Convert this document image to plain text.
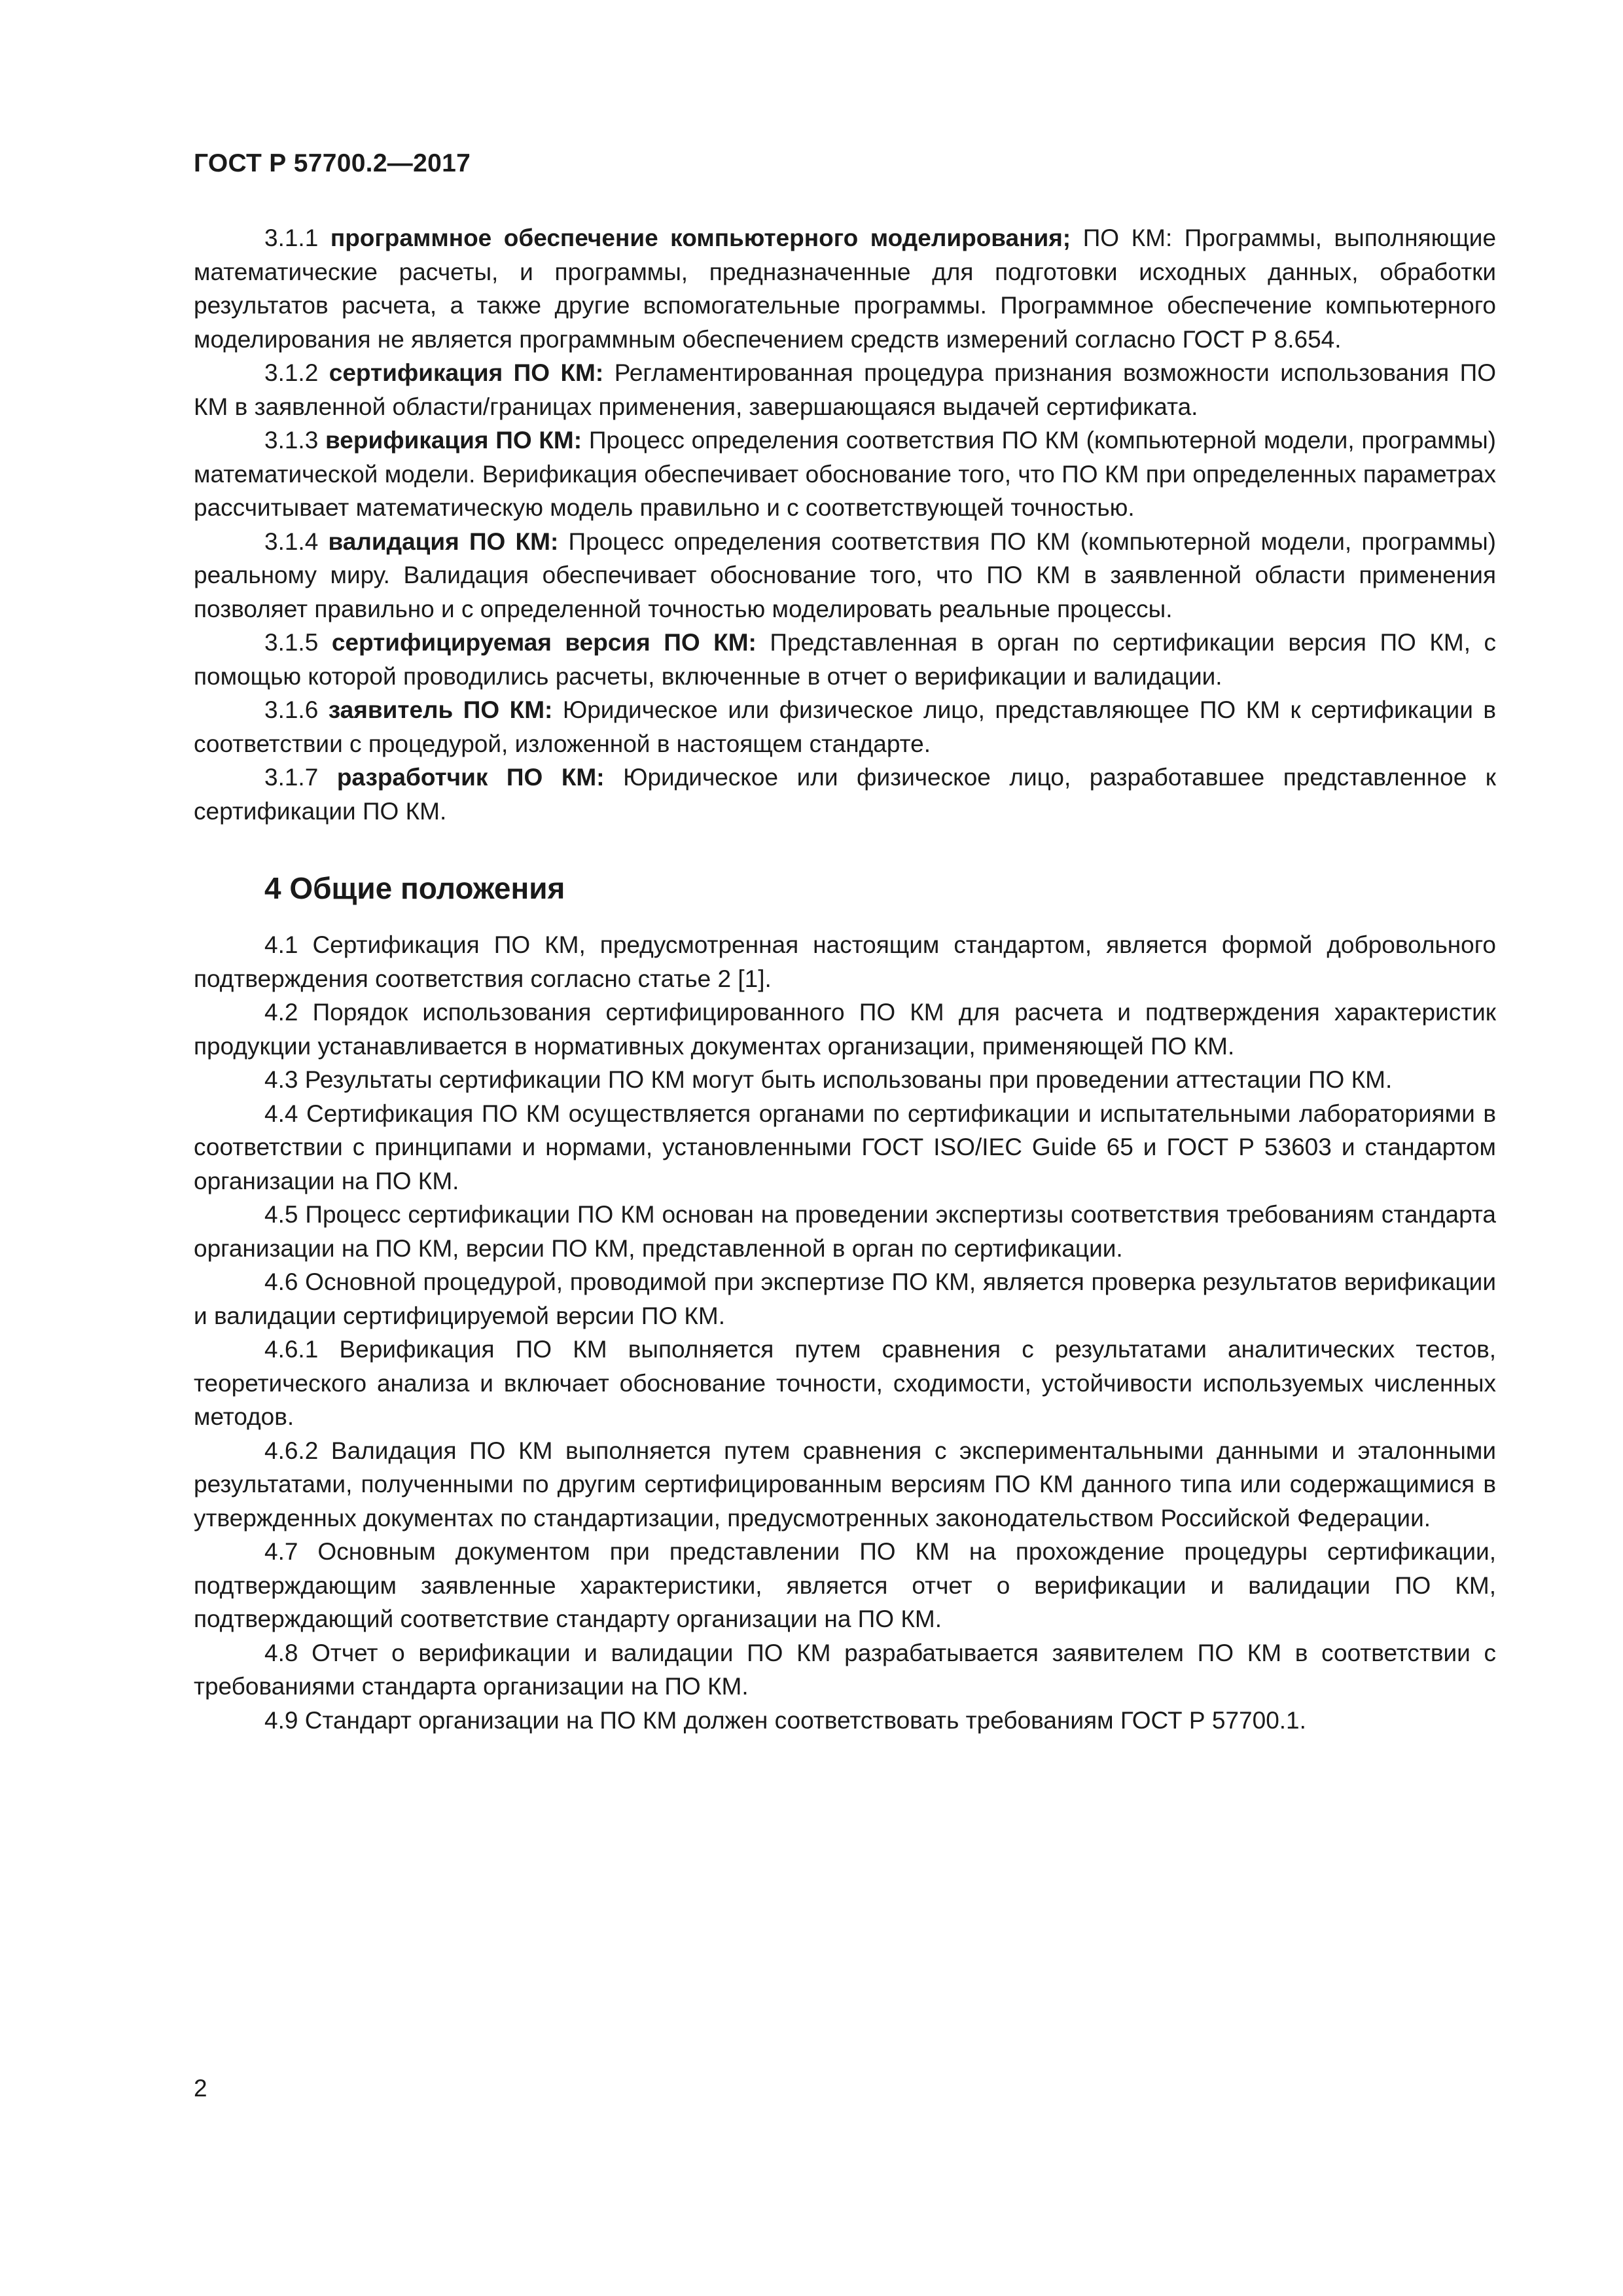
ГОСТ Р 57700.2—2017

3.1.1 программное обеспечение компьютерного моделирования; ПО КМ: Программы, выполняющие математические расчеты, и программы, предназначенные для подготовки исходных данных, обработки результатов расчета, а также другие вспомогательные программы. Программное обеспечение компьютерного моделирования не является программным обеспечением средств измерений согласно ГОСТ Р 8.654.

3.1.2 сертификация ПО КМ: Регламентированная процедура признания возможности использования ПО КМ в заявленной области/границах применения, завершающаяся выдачей сертификата.

3.1.3 верификация ПО КМ: Процесс определения соответствия ПО КМ (компьютерной модели, программы) математической модели. Верификация обеспечивает обоснование того, что ПО КМ при определенных параметрах рассчитывает математическую модель правильно и с соответствующей точностью.

3.1.4 валидация ПО КМ: Процесс определения соответствия ПО КМ (компьютерной модели, программы) реальному миру. Валидация обеспечивает обоснование того, что ПО КМ в заявленной области применения позволяет правильно и с определенной точностью моделировать реальные процессы.

3.1.5 сертифицируемая версия ПО КМ: Представленная в орган по сертификации версия ПО КМ, с помощью которой проводились расчеты, включенные в отчет о верификации и валидации.

3.1.6 заявитель ПО КМ: Юридическое или физическое лицо, представляющее ПО КМ к сертификации в соответствии с процедурой, изложенной в настоящем стандарте.

3.1.7 разработчик ПО КМ: Юридическое или физическое лицо, разработавшее представленное к сертификации ПО КМ.

4 Общие положения

4.1 Сертификация ПО КМ, предусмотренная настоящим стандартом, является формой добровольного подтверждения соответствия согласно статье 2 [1].

4.2 Порядок использования сертифицированного ПО КМ для расчета и подтверждения характеристик продукции устанавливается в нормативных документах организации, применяющей ПО КМ.

4.3 Результаты сертификации ПО КМ могут быть использованы при проведении аттестации ПО КМ.

4.4 Сертификация ПО КМ осуществляется органами по сертификации и испытательными лабораториями в соответствии с принципами и нормами, установленными ГОСТ ISO/IEC Guide 65 и ГОСТ Р 53603 и стандартом организации на ПО КМ.

4.5 Процесс сертификации ПО КМ основан на проведении экспертизы соответствия требованиям стандарта организации на ПО КМ, версии ПО КМ, представленной в орган по сертификации.

4.6 Основной процедурой, проводимой при экспертизе ПО КМ, является проверка результатов верификации и валидации сертифицируемой версии ПО КМ.

4.6.1 Верификация ПО КМ выполняется путем сравнения с результатами аналитических тестов, теоретического анализа и включает обоснование точности, сходимости, устойчивости используемых численных методов.

4.6.2 Валидация ПО КМ выполняется путем сравнения с экспериментальными данными и эталонными результатами, полученными по другим сертифицированным версиям ПО КМ данного типа или содержащимися в утвержденных документах по стандартизации, предусмотренных законодательством Российской Федерации.

4.7 Основным документом при представлении ПО КМ на прохождение процедуры сертификации, подтверждающим заявленные характеристики, является отчет о верификации и валидации ПО КМ, подтверждающий соответствие стандарту организации на ПО КМ.

4.8 Отчет о верификации и валидации ПО КМ разрабатывается заявителем ПО КМ в соответствии с требованиями стандарта организации на ПО КМ.

4.9 Стандарт организации на ПО КМ должен соответствовать требованиям ГОСТ Р 57700.1.

2
